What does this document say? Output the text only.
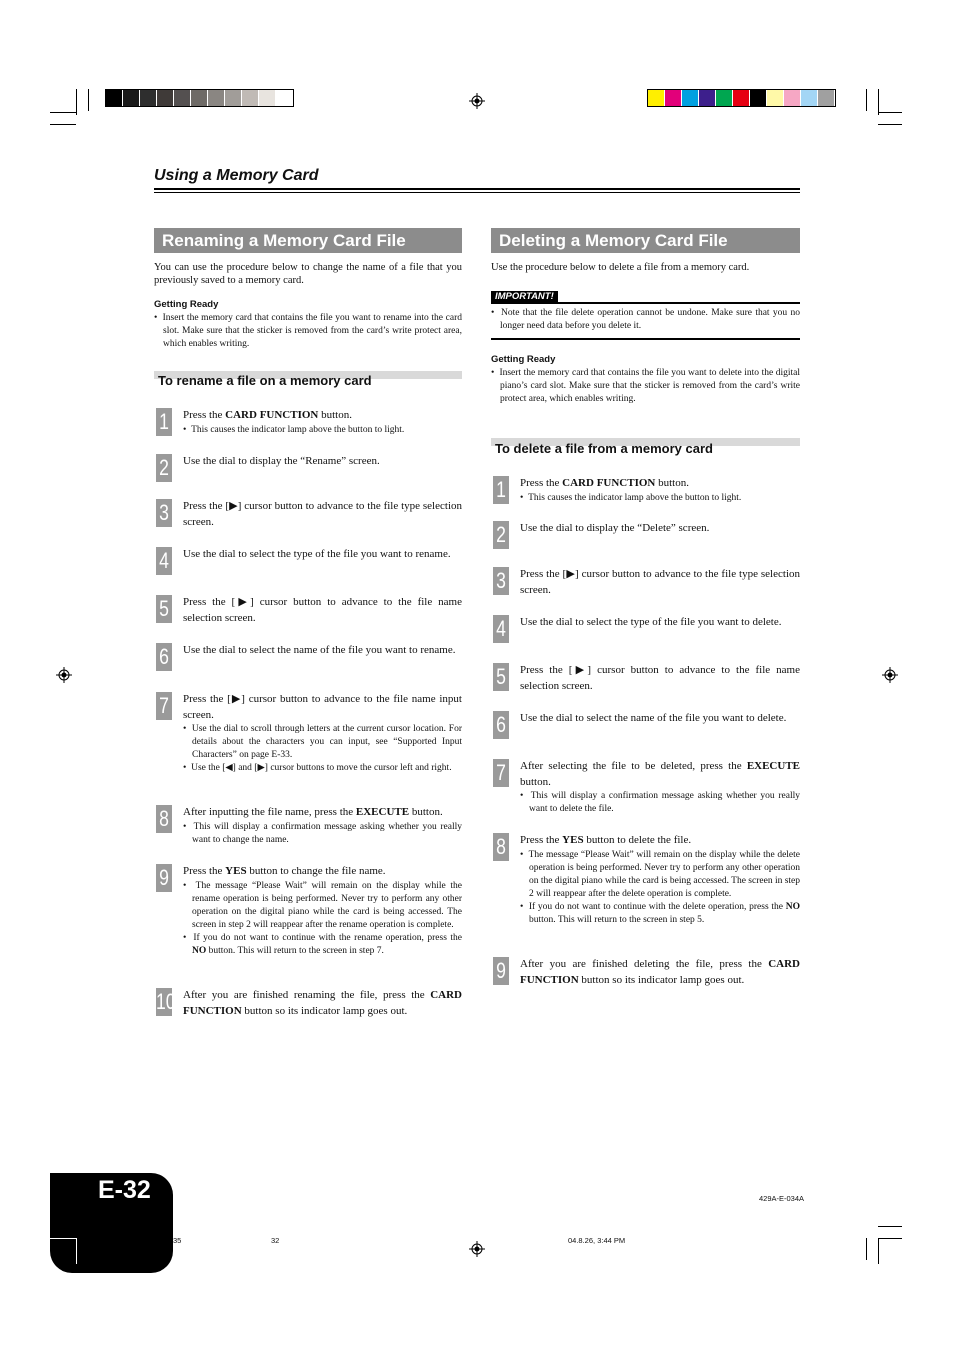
Using a Memory Card
Renaming a Memory Card File
You can use the procedure below to change the name of a file that you previously saved to a memory card.
Getting Ready
•  Insert the memory card that contains the file you want to rename into the card slot. Make sure that the sticker is removed from the card’s write protect area, which enables writing.
To rename a file on a memory card
1 Press the CARD FUNCTION button.
•  This causes the indicator lamp above the button to light.
2 Use the dial to display the “Rename” screen.
3 Press the [▶] cursor button to advance to the file type selection screen.
4 Use the dial to select the type of the file you want to rename.
5 Press the [▶] cursor button to advance to the file name selection screen.
6 Use the dial to select the name of the file you want to rename.
7 Press the [▶] cursor button to advance to the file name input screen.
•  Use the dial to scroll through letters at the current cursor location. For details about the characters you can input, see “Supported Input Characters” on page E-33.
•  Use the [◀] and [▶] cursor buttons to move the cursor left and right.
8 After inputting the file name, press the EXECUTE button.
•  This will display a confirmation message asking whether you really want to change the name.
9 Press the YES button to change the file name.
•  The message “Please Wait” will remain on the display while the rename operation is being performed. Never try to perform any other operation on the digital piano while the card is being accessed. The screen in step 2 will reappear after the rename operation is complete.
•  If you do not want to continue with the rename operation, press the NO button. This will return to the screen in step 7.
10 After you are finished renaming the file, press the CARD FUNCTION button so its indicator lamp goes out.
Deleting a Memory Card File
Use the procedure below to delete a file from a memory card.
IMPORTANT!
•  Note that the file delete operation cannot be undone. Make sure that you no longer need data before you delete it.
Getting Ready
•  Insert the memory card that contains the file you want to delete into the digital piano’s card slot. Make sure that the sticker is removed from the card’s write protect area, which enables writing.
To delete a file from a memory card
1 Press the CARD FUNCTION button.
•  This causes the indicator lamp above the button to light.
2 Use the dial to display the “Delete” screen.
3 Press the [▶] cursor button to advance to the file type selection screen.
4 Use the dial to select the type of the file you want to delete.
5 Press the [▶] cursor button to advance to the file name selection screen.
6 Use the dial to select the name of the file you want to delete.
7 After selecting the file to be deleted, press the EXECUTE button.
•  This will display a confirmation message asking whether you really want to delete the file.
8 Press the YES button to delete the file.
•  The message “Please Wait” will remain on the display while the delete operation is being performed. Never try to perform any other operation on the digital piano while the card is being accessed. The screen in step 2 will reappear after the delete operation is complete.
•  If you do not want to continue with the delete operation, press the NO button. This will return to the screen in step 5.
9 After you are finished deleting the file, press the CARD FUNCTION button so its indicator lamp goes out.
E-32	429A-E-034A
35	32	04.8.26, 3:44 PM
